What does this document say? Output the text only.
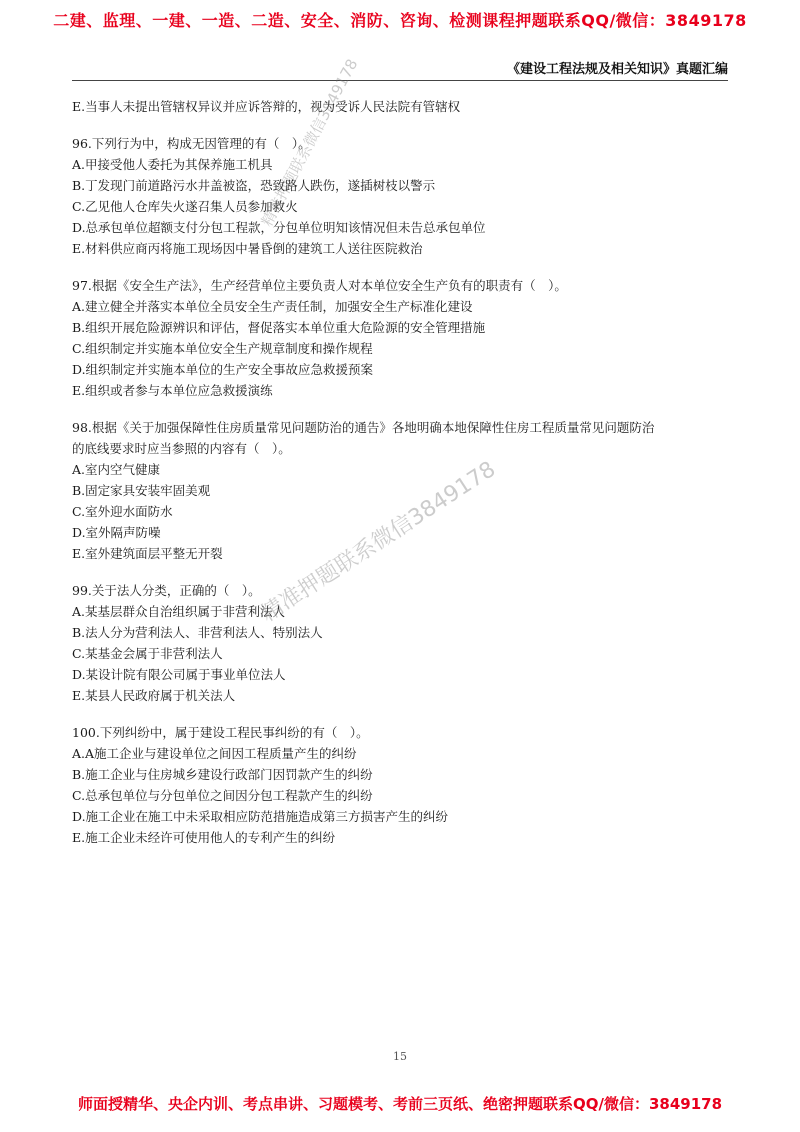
二建、监理、一建、一造、二造、安全、消防、咨询、检测课程押题联系QQ/微信：3849178
《建设工程法规及相关知识》真题汇编
E.当事人未提出管辖权异议并应诉答辩的，视为受诉人民法院有管辖权
96.下列行为中，构成无因管理的有（　）。
A.甲接受他人委托为其保养施工机具
B.丁发现门前道路污水井盖被盗，恐致路人跌伤，遂插树枝以警示
C.乙见他人仓库失火遂召集人员参加救火
D.总承包单位超额支付分包工程款，分包单位明知该情况但未告总承包单位
E.材料供应商丙将施工现场因中暑昏倒的建筑工人送往医院救治
97.根据《安全生产法》，生产经营单位主要负责人对本单位安全生产负有的职责有（　）。
A.建立健全并落实本单位全员安全生产责任制，加强安全生产标准化建设
B.组织开展危险源辨识和评估，督促落实本单位重大危险源的安全管理措施
C.组织制定并实施本单位安全生产规章制度和操作规程
D.组织制定并实施本单位的生产安全事故应急救援预案
E.组织或者参与本单位应急救援演练
98.根据《关于加强保障性住房质量常见问题防治的通告》各地明确本地保障性住房工程质量常见问题防治
的底线要求时应当参照的内容有（　）。
A.室内空气健康
B.固定家具安装牢固美观
C.室外迎水面防水
D.室外隔声防噪
E.室外建筑面层平整无开裂
99.关于法人分类，正确的（　）。
A.某基层群众自治组织属于非营利法人
B.法人分为营利法人、非营利法人、特别法人
C.某基金会属于非营利法人
D.某设计院有限公司属于事业单位法人
E.某县人民政府属于机关法人
100.下列纠纷中，属于建设工程民事纠纷的有（　）。
A.A施工企业与建设单位之间因工程质量产生的纠纷
B.施工企业与住房城乡建设行政部门因罚款产生的纠纷
C.总承包单位与分包单位之间因分包工程款产生的纠纷
D.施工企业在施工中未采取相应防范措施造成第三方损害产生的纠纷
E.施工企业未经许可使用他人的专利产生的纠纷
精准押题联系微信3849178
精准押题联系微信3849178
15
师面授精华、央企内训、考点串讲、习题模考、考前三页纸、绝密押题联系QQ/微信：3849178
